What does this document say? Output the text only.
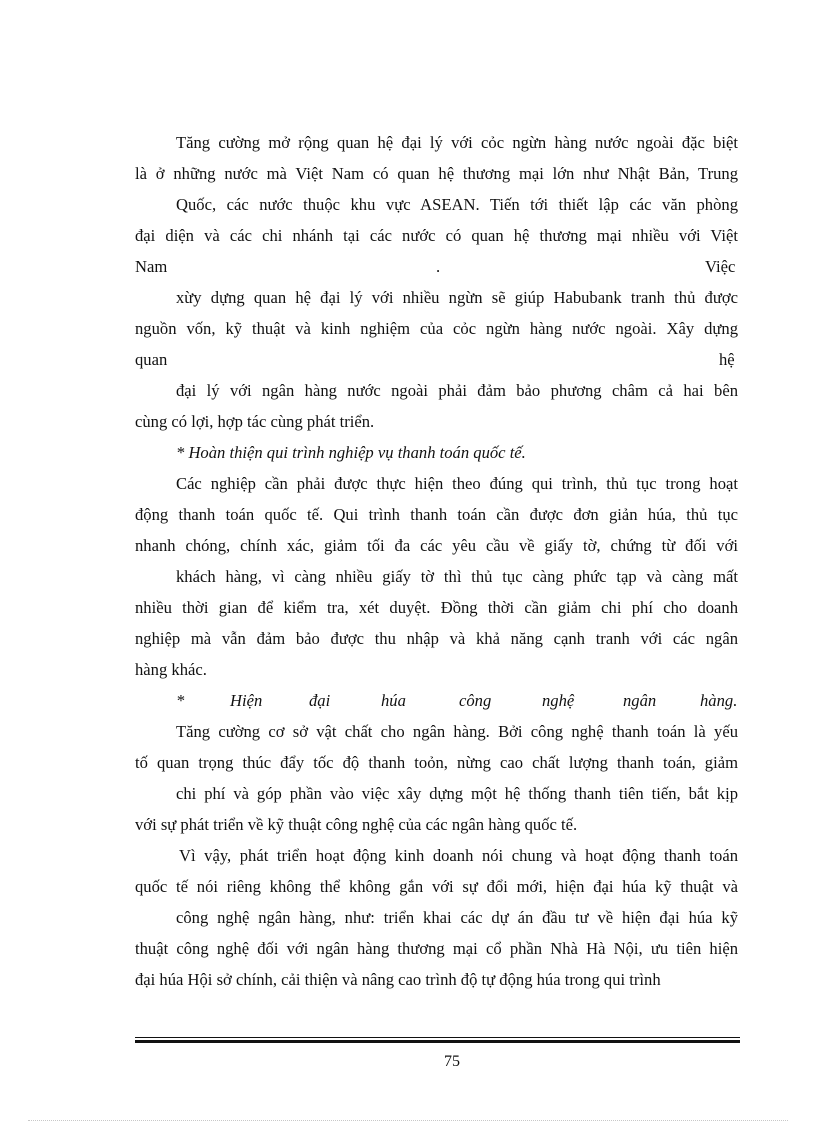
Tăng cường mở rộng quan hệ đại lý với cỏc ngừn hàng nước ngoài đặc biệt
là ở những nước mà Việt Nam có quan hệ thương mại lớn như Nhật Bản, Trung
Quốc, các nước thuộc khu vực ASEAN. Tiến tới thiết lập các văn phòng
đại diện và các chi nhánh tại các nước có quan hệ thương mại nhiều với Việt
Nam	.	Việc
xừy dựng quan hệ đại lý với nhiều ngừn sẽ giúp Habubank tranh thủ được
nguồn vốn, kỹ thuật và kinh nghiệm của cỏc ngừn hàng nước ngoài. Xây dựng
quan	hệ
đại lý với ngân hàng nước ngoài phải đảm bảo phương châm cả hai bên
cùng có lợi, hợp tác cùng phát triển.
* Hoàn thiện qui trình nghiệp vụ thanh toán quốc tế.
Các nghiệp cần phải được thực hiện theo đúng qui trình, thủ tục trong hoạt
động thanh toán quốc tế. Qui trình thanh toán cần được đơn giản húa, thủ tục
nhanh chóng, chính xác, giảm tối đa các yêu cầu về giấy tờ, chứng từ đối với
khách hàng, vì càng nhiều giấy tờ thì thủ tục càng phức tạp và càng mất
nhiều thời gian để kiểm tra, xét duyệt. Đồng thời cần giảm chi phí cho doanh
nghiệp mà vẫn đảm bảo được thu nhập và khả năng cạnh tranh với các ngân
hàng khác.
*	Hiện	đại	húa	công	nghệ	ngân	hàng.
Tăng cường cơ sở vật chất cho ngân hàng. Bởi công nghệ thanh toán là yếu
tố quan trọng thúc đẩy tốc độ thanh toỏn, nừng cao chất lượng thanh toán, giảm
chi phí và góp phần vào việc xây dựng một hệ thống thanh tiên tiến, bắt kịp
với sự phát triển về kỹ thuật công nghệ của các ngân hàng quốc tế.
Vì vậy, phát triển hoạt động kinh doanh nói chung và hoạt động thanh toán
quốc tế nói riêng không thể không gắn với sự đổi mới, hiện đại húa kỹ thuật và
công nghệ ngân hàng, như: triển khai các dự án đầu tư về hiện đại húa kỹ
thuật công nghệ đối với ngân hàng thương mại cổ phần Nhà Hà Nội, ưu tiên hiện
đại húa Hội sở chính, cải thiện và nâng cao trình độ tự động húa trong qui trình
75
